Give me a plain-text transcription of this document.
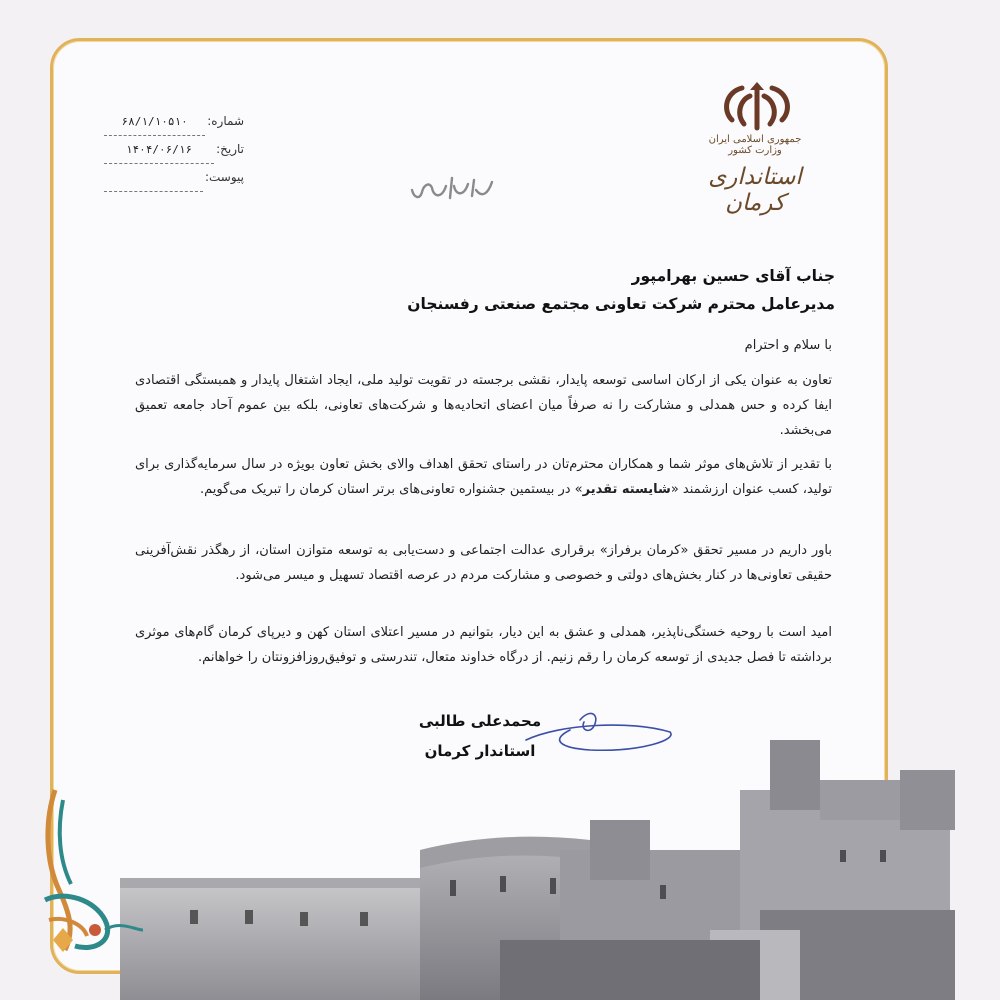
شماره:
۶۸/۱/۱۰۵۱۰
تاریخ:
۱۴۰۴/۰۶/۱۶
پیوست:

جمهوری اسلامی ایران
وزارت کشور
استانداری کرمان
جناب آقای حسین بهرامپور
مدیرعامل محترم شرکت تعاونی مجتمع صنعتی رفسنجان
با سلام و احترام
تعاون به عنوان یکی از ارکان اساسی توسعه پایدار، نقشی برجسته در تقویت تولید ملی، ایجاد اشتغال پایدار و همبستگی اقتصادی ایفا کرده و حس همدلی و مشارکت را نه صرفاً میان اعضای اتحادیه‌ها و شرکت‌های تعاونی، بلکه بین عموم آحاد جامعه تعمیق می‌بخشد.
با تقدیر از تلاش‌های موثر شما و همکاران محترم‌تان در راستای تحقق اهداف والای بخش تعاون بویژه در سال سرمایه‌گذاری برای تولید، کسب عنوان ارزشمند «شایسته تقدیر» در بیستمین جشنواره تعاونی‌های برتر استان کرمان را تبریک می‌گویم.
باور داریم در مسیر تحقق «کرمان برفراز» برقراری عدالت اجتماعی و دست‌یابی به توسعه متوازن استان، از رهگذر نقش‌آفرینی حقیقی تعاونی‌ها در کنار بخش‌های دولتی و خصوصی و مشارکت مردم در عرصه اقتصاد تسهیل و میسر می‌شود.
امید است با روحیه خستگی‌ناپذیر، همدلی و عشق به این دیار، بتوانیم در مسیر اعتلای استان کهن و دیرپای کرمان گام‌های موثری برداشته تا فصل جدیدی از توسعه کرمان را رقم زنیم. از درگاه خداوند متعال، تندرستی و توفیق‌روزافزونتان را خواهانم.
محمدعلی طالبی
استاندار کرمان
